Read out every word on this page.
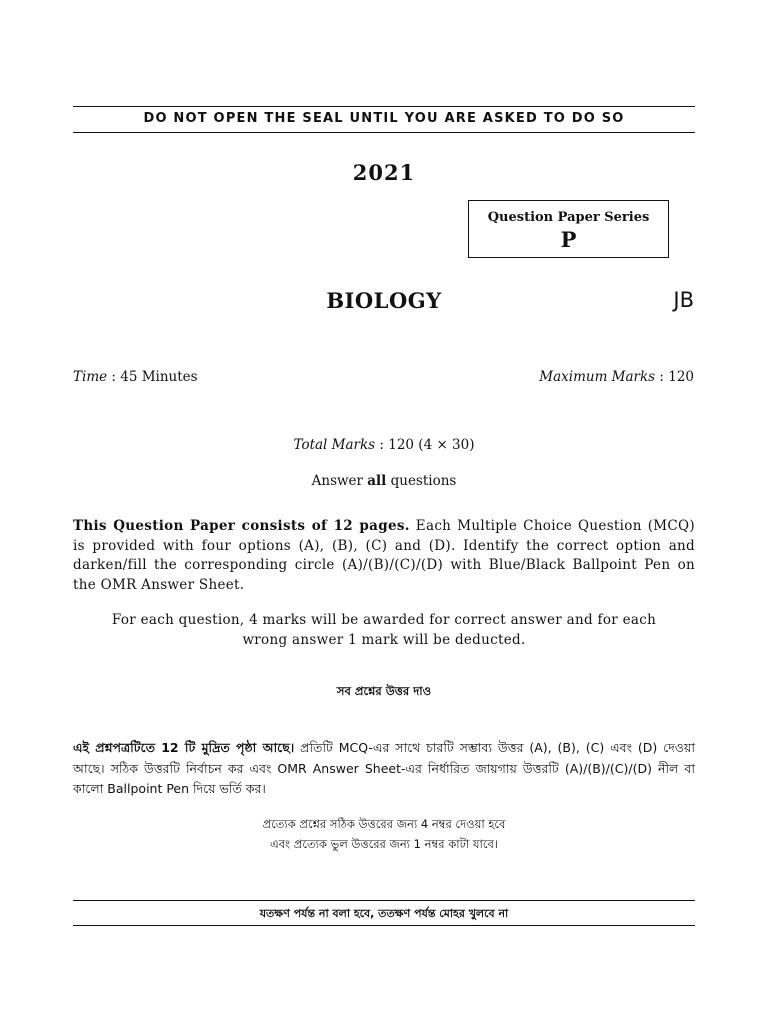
DO NOT OPEN THE SEAL UNTIL YOU ARE ASKED TO DO SO
2021
Question Paper Series
P
BIOLOGY	JB
Time : 45 Minutes	Maximum Marks : 120
Total Marks : 120 (4 × 30)
Answer all questions
This Question Paper consists of 12 pages. Each Multiple Choice Question (MCQ) is provided with four options (A), (B), (C) and (D). Identify the correct option and darken/fill the corresponding circle (A)/(B)/(C)/(D) with Blue/Black Ballpoint Pen on the OMR Answer Sheet.
For each question, 4 marks will be awarded for correct answer and for each
wrong answer 1 mark will be deducted.
সব প্রশ্নের উত্তর দাও
এই প্রশ্নপত্রটিতে 12 টি মুদ্রিত পৃষ্ঠা আছে। প্রতিটি MCQ-এর সাথে চারটি সম্ভাব্য উত্তর (A), (B), (C) এবং (D) দেওয়া আছে। সঠিক উত্তরটি নির্বাচন কর এবং OMR Answer Sheet-এর নির্ধারিত জায়গায় উত্তরটি (A)/(B)/(C)/(D) নীল বা কালো Ballpoint Pen দিয়ে ভর্তি কর।
প্রত্যেক প্রশ্নের সঠিক উত্তরের জন্য 4 নম্বর দেওয়া হবে
এবং প্রত্যেক ভুল উত্তরের জন্য 1 নম্বর কাটা যাবে।
যতক্ষণ পর্যন্ত না বলা হবে, ততক্ষণ পর্যন্ত মোহর খুলবে না
